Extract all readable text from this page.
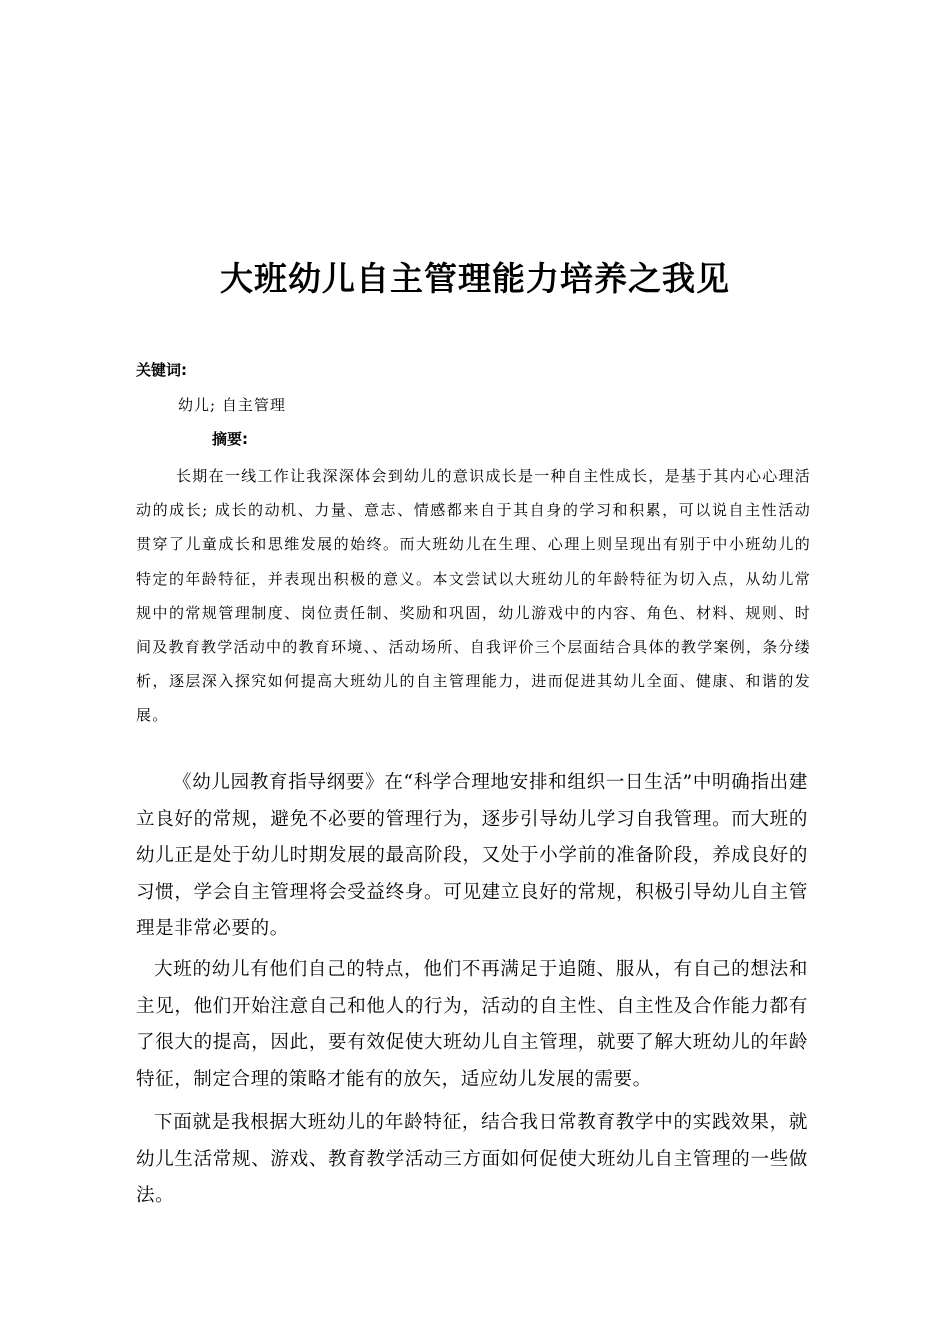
大班幼儿自主管理能力培养之我见
关键词:
幼儿; 自主管理
摘要:
长期在一线工作让我深深体会到幼儿的意识成长是一种自主性成长，是基于其内心心理活动的成长; 成长的动机、力量、意志、情感都来自于其自身的学习和积累，可以说自主性活动贯穿了儿童成长和思维发展的始终。而大班幼儿在生理、心理上则呈现出有别于中小班幼儿的特定的年龄特征，并表现出积极的意义。本文尝试以大班幼儿的年龄特征为切入点，从幼儿常规中的常规管理制度、岗位责任制、奖励和巩固，幼儿游戏中的内容、角色、材料、规则、时间及教育教学活动中的教育环境、、活动场所、自我评价三个层面结合具体的教学案例，条分缕析，逐层深入探究如何提高大班幼儿的自主管理能力，进而促进其幼儿全面、健康、和谐的发展。
《幼儿园教育指导纲要》在“科学合理地安排和组织一日生活”中明确指出建立良好的常规，避免不必要的管理行为，逐步引导幼儿学习自我管理。而大班的幼儿正是处于幼儿时期发展的最高阶段，又处于小学前的准备阶段，养成良好的习惯，学会自主管理将会受益终身。可见建立良好的常规，积极引导幼儿自主管理是非常必要的。
大班的幼儿有他们自己的特点，他们不再满足于追随、服从，有自己的想法和主见，他们开始注意自己和他人的行为，活动的自主性、自主性及合作能力都有了很大的提高，因此，要有效促使大班幼儿自主管理，就要了解大班幼儿的年龄特征，制定合理的策略才能有的放矢，适应幼儿发展的需要。
下面就是我根据大班幼儿的年龄特征，结合我日常教育教学中的实践效果，就幼儿生活常规、游戏、教育教学活动三方面如何促使大班幼儿自主管理的一些做法。
